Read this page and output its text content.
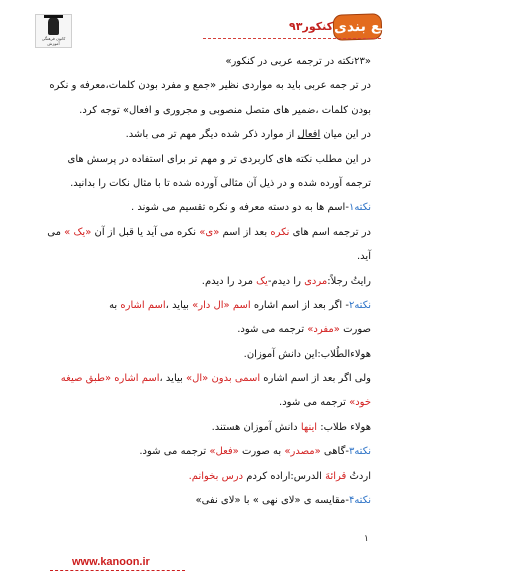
کانون فرهنگی آموزش
کنکور۹۳ جمع بندی
«۲۳نکته در ترجمه عربی در کنکور»
در تر جمه عربی باید به مواردی نظیر «جمع و مفرد بودن کلمات،معرفه و نکره
بودن کلمات ،ضمیر های متصل منصوبی و مجروری و افعال» توجه کرد.
در این میان افعال از موارد ذکر شده دیگر مهم تر می باشد.
در این مطلب نکته های کاربردی تر و مهم تر برای استفاده در پرسش های
ترجمه آورده شده و در ذیل آن مثالی آورده شده تا با مثال نکات را بدانید.
نکته۱-اسم ها به دو دسته معرفه و نکره تقسیم می شوند .
در ترجمه اسم های نکره بعد از اسم «ی» نکره می آید یا قبل از آن «یک » می
آید.
رایتُ رجلاً:مردی را دیدم-یک مرد را دیدم.
نکته۲- اگر بعد از اسم اشاره اسم «ال دار» بیاید ،اسم اشاره به
صورت «مفرد» ترجمه می شود.
هولاءالطُلاب:این دانش آموزان.
ولی اگر بعد از اسم اشاره اسمی بدون «ال» بیاید ،اسم اشاره «طبق صیغه
خود» ترجمه می شود.
هولاء طلاب: اینها دانش آموزان هستند.
نکته۳-گاهی «مصدر» به صورت «فعل» ترجمه می شود.
اردتُ قرائهَ الدرس:اراده کردم درس بخوانم.
نکته۴-مقایسه ی «لای نهی » با «لای نفی»
۱
www.kanoon.ir
